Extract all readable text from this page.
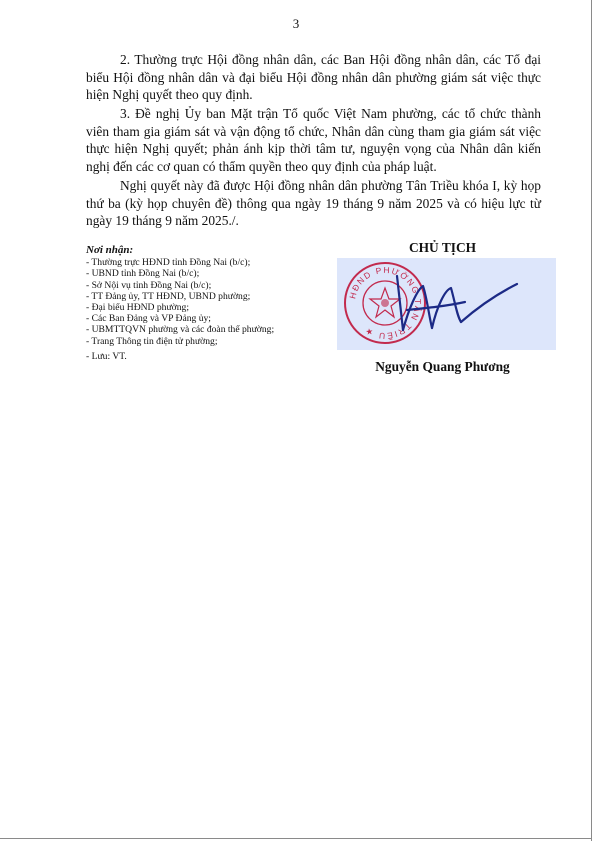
3

2. Thường trực Hội đồng nhân dân, các Ban Hội đồng nhân dân, các Tổ đại biểu Hội đồng nhân dân và đại biểu Hội đồng nhân dân phường giám sát việc thực hiện Nghị quyết theo quy định.

3. Đề nghị Ủy ban Mặt trận Tổ quốc Việt Nam phường, các tổ chức thành viên tham gia giám sát và vận động tổ chức, Nhân dân cùng tham gia giám sát việc thực hiện Nghị quyết; phản ánh kịp thời tâm tư, nguyện vọng của Nhân dân kiến nghị đến các cơ quan có thẩm quyền theo quy định của pháp luật.

Nghị quyết này đã được Hội đồng nhân dân phường Tân Triều khóa I, kỳ họp thứ ba (kỳ họp chuyên đề) thông qua ngày 19 tháng 9 năm 2025 và có hiệu lực từ ngày 19 tháng 9 năm 2025./.

Nơi nhận:
- Thường trực HĐND tỉnh Đồng Nai (b/c);
- UBND tỉnh Đồng Nai (b/c);
- Sở Nội vụ tỉnh Đồng Nai (b/c);
- TT Đảng ủy, TT HĐND, UBND phường;
- Đại biểu HĐND phường;
- Các Ban Đảng và VP Đảng ủy;
- UBMTTQVN phường và các đoàn thể phường;
- Trang Thông tin điện tử phường;
- Lưu: VT.
CHỦ TỊCH
HĐND PHƯỜNG TÂN TRIỀU ★
Nguyễn Quang Phương
